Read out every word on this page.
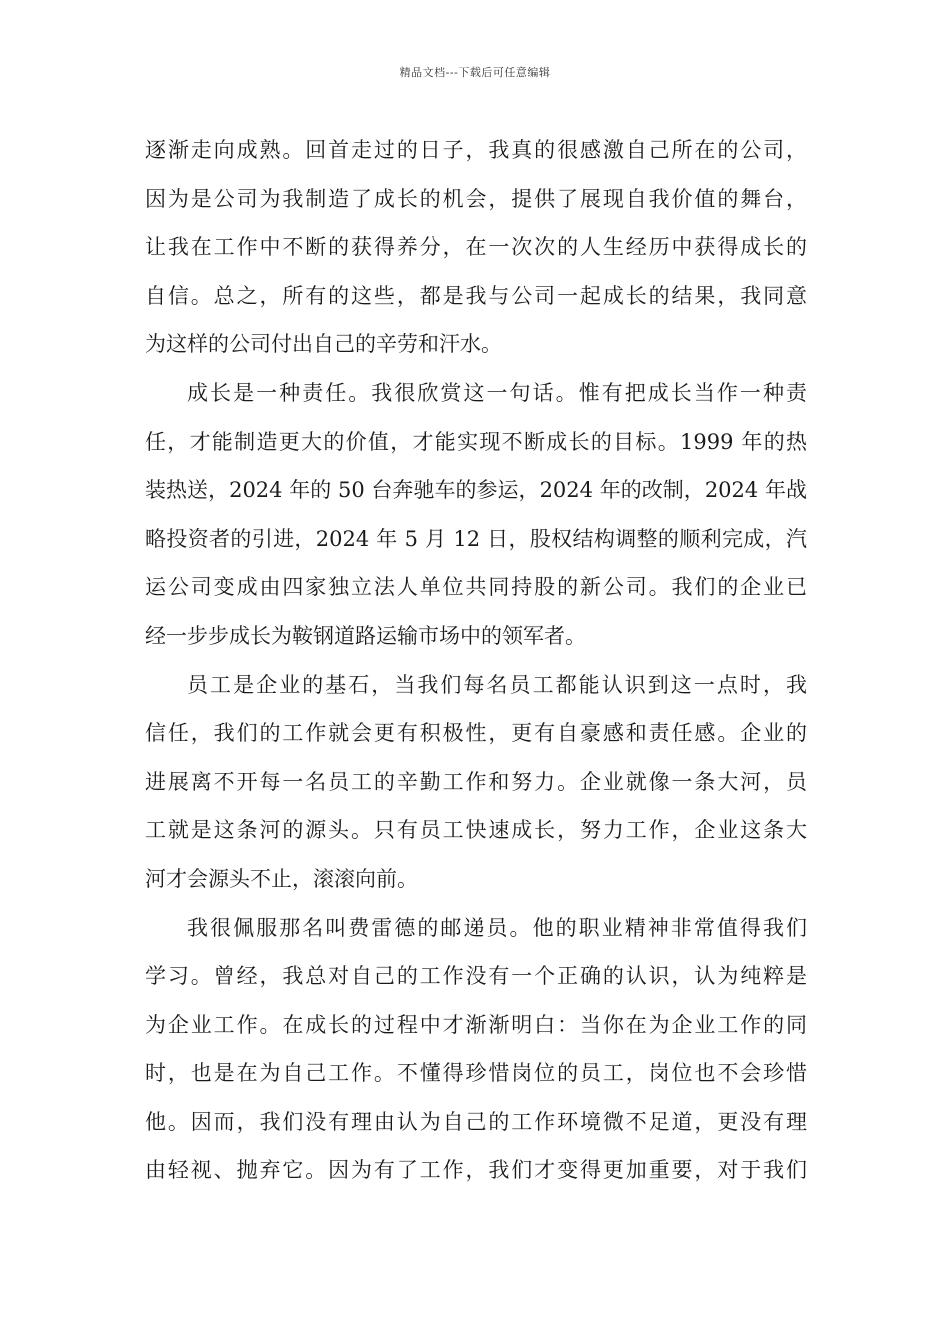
精品文档---下载后可任意编辑
逐渐走向成熟。回首走过的日子，我真的很感激自己所在的公司，
因为是公司为我制造了成长的机会，提供了展现自我价值的舞台，
让我在工作中不断的获得养分，在一次次的人生经历中获得成长的
自信。总之，所有的这些，都是我与公司一起成长的结果，我同意
为这样的公司付出自己的辛劳和汗水。
成长是一种责任。我很欣赏这一句话。惟有把成长当作一种责
任，才能制造更大的价值，才能实现不断成长的目标。1999 年的热
装热送，2024 年的 50 台奔驰车的参运，2024 年的改制，2024 年战
略投资者的引进，2024 年 5 月 12 日，股权结构调整的顺利完成，汽
运公司变成由四家独立法人单位共同持股的新公司。我们的企业已
经一步步成长为鞍钢道路运输市场中的领军者。
员工是企业的基石，当我们每名员工都能认识到这一点时，我
信任，我们的工作就会更有积极性，更有自豪感和责任感。企业的
进展离不开每一名员工的辛勤工作和努力。企业就像一条大河，员
工就是这条河的源头。只有员工快速成长，努力工作，企业这条大
河才会源头不止，滚滚向前。
我很佩服那名叫费雷德的邮递员。他的职业精神非常值得我们
学习。曾经，我总对自己的工作没有一个正确的认识，认为纯粹是
为企业工作。在成长的过程中才渐渐明白：当你在为企业工作的同
时，也是在为自己工作。不懂得珍惜岗位的员工，岗位也不会珍惜
他。因而，我们没有理由认为自己的工作环境微不足道，更没有理
由轻视、抛弃它。因为有了工作，我们才变得更加重要，对于我们
